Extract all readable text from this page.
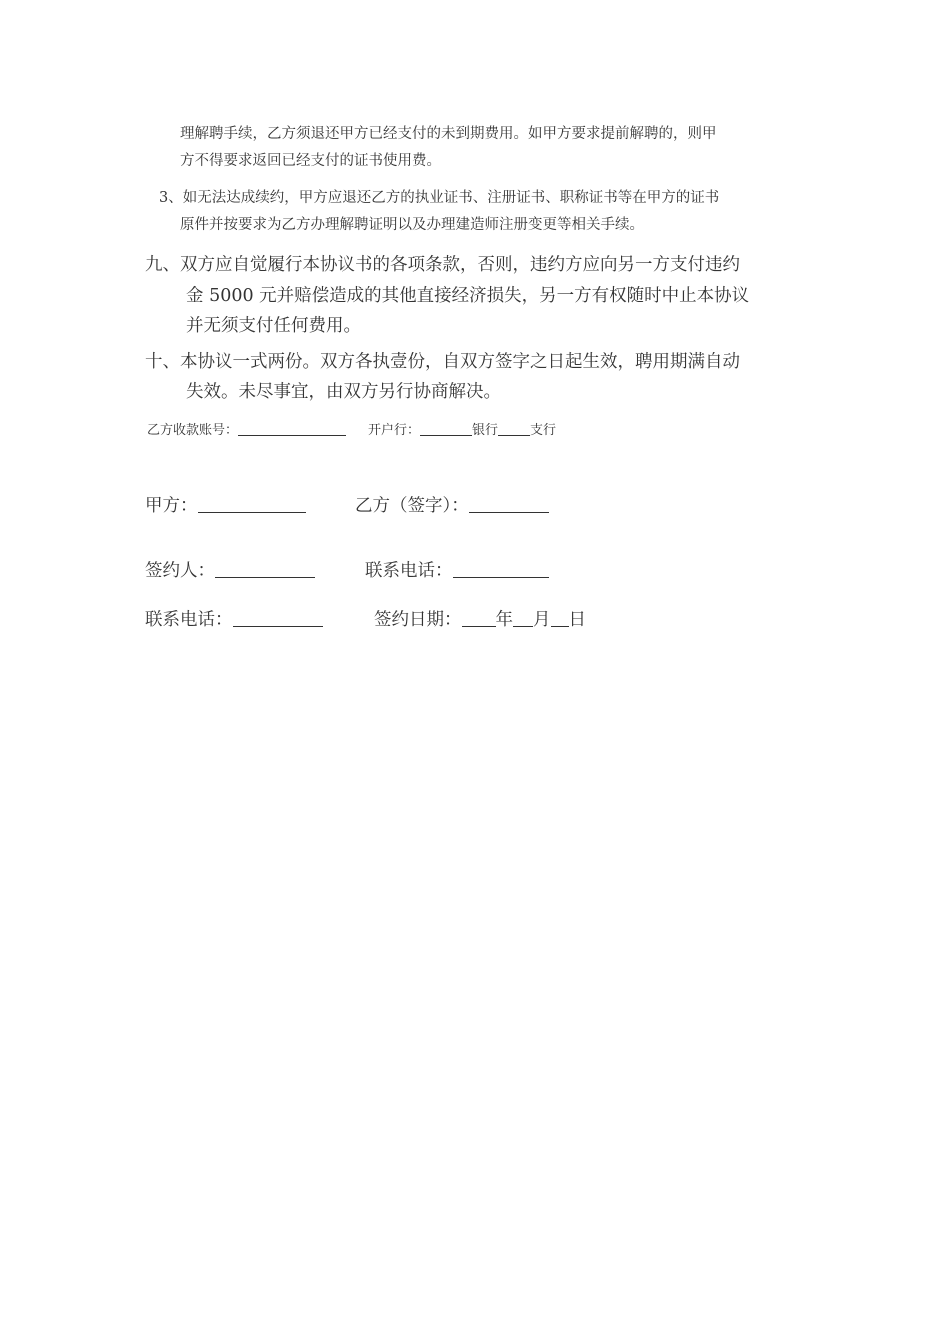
理解聘手续，乙方须退还甲方已经支付的未到期费用。如甲方要求提前解聘的，则甲
方不得要求返回已经支付的证书使用费。
3、如无法达成续约，甲方应退还乙方的执业证书、注册证书、职称证书等在甲方的证书
原件并按要求为乙方办理解聘证明以及办理建造师注册变更等相关手续。
九、双方应自觉履行本协议书的各项条款，否则，违约方应向另一方支付违约
金 5000 元并赔偿造成的其他直接经济损失，另一方有权随时中止本协议
并无须支付任何费用。
十、本协议一式两份。双方各执壹份，自双方签字之日起生效，聘用期满自动
失效。未尽事宜，由双方另行协商解决。
乙方收款账号：	开户行：	银行 支行
甲方：	乙方（签字）：
签约人：	联系电话：
联系电话：	签约日期： 年 月 日
